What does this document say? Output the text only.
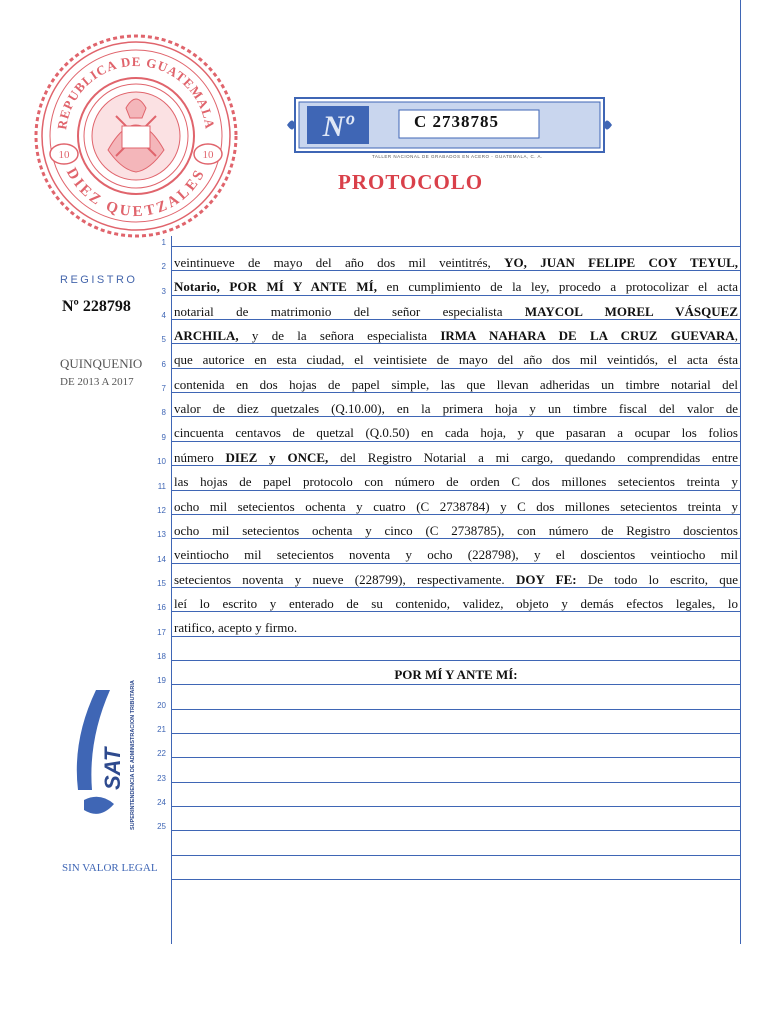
10	10
REPUBLICA DE GUATEMALA
DIEZ QUETZALES
Nº	C 2738785
TALLER NACIONAL DE GRABADOS EN ACERO - GUATEMALA, C. A.
PROTOCOLO
REGISTRO
Nº 228798
QUINQUENIO
DE 2013 A 2017
SAT SUPERINTENDENCIA DE ADMINISTRACION TRIBUTARIA
SIN VALOR LEGAL
1
2
3
4
5
6
7
8
9
10
11
12
13
14
15
16
17
18
19
20
21
22
23
24
25
veintinueve de mayo del año dos mil veintitrés, YO, JUAN FELIPE COY TEYUL,
Notario, POR MÍ Y ANTE MÍ, en cumplimiento de la ley, procedo a protocolizar el acta
notarial de matrimonio del señor especialista MAYCOL MOREL VÁSQUEZ
ARCHILA, y de la señora especialista IRMA NAHARA DE LA CRUZ GUEVARA,
que autorice en esta ciudad, el veintisiete de mayo del año dos mil veintidós, el acta ésta
contenida en dos hojas de papel simple, las que llevan adheridas un timbre notarial del
valor de diez quetzales (Q.10.00), en la primera hoja y un timbre fiscal del valor de
cincuenta centavos de quetzal (Q.0.50) en cada hoja, y que pasaran a ocupar los folios
número DIEZ y ONCE, del Registro Notarial a mi cargo, quedando comprendidas entre
las hojas de papel protocolo con número de orden C dos millones setecientos treinta y
ocho mil setecientos ochenta y cuatro (C 2738784) y C dos millones setecientos treinta y
ocho mil setecientos ochenta y cinco (C 2738785), con número de Registro doscientos
veintiocho mil setecientos noventa y ocho (228798), y el doscientos veintiocho mil
setecientos noventa y nueve (228799), respectivamente. DOY FE: De todo lo escrito, que
leí lo escrito y enterado de su contenido, validez, objeto y demás efectos legales, lo
ratifico, acepto y firmo.
POR MÍ Y ANTE MÍ:
